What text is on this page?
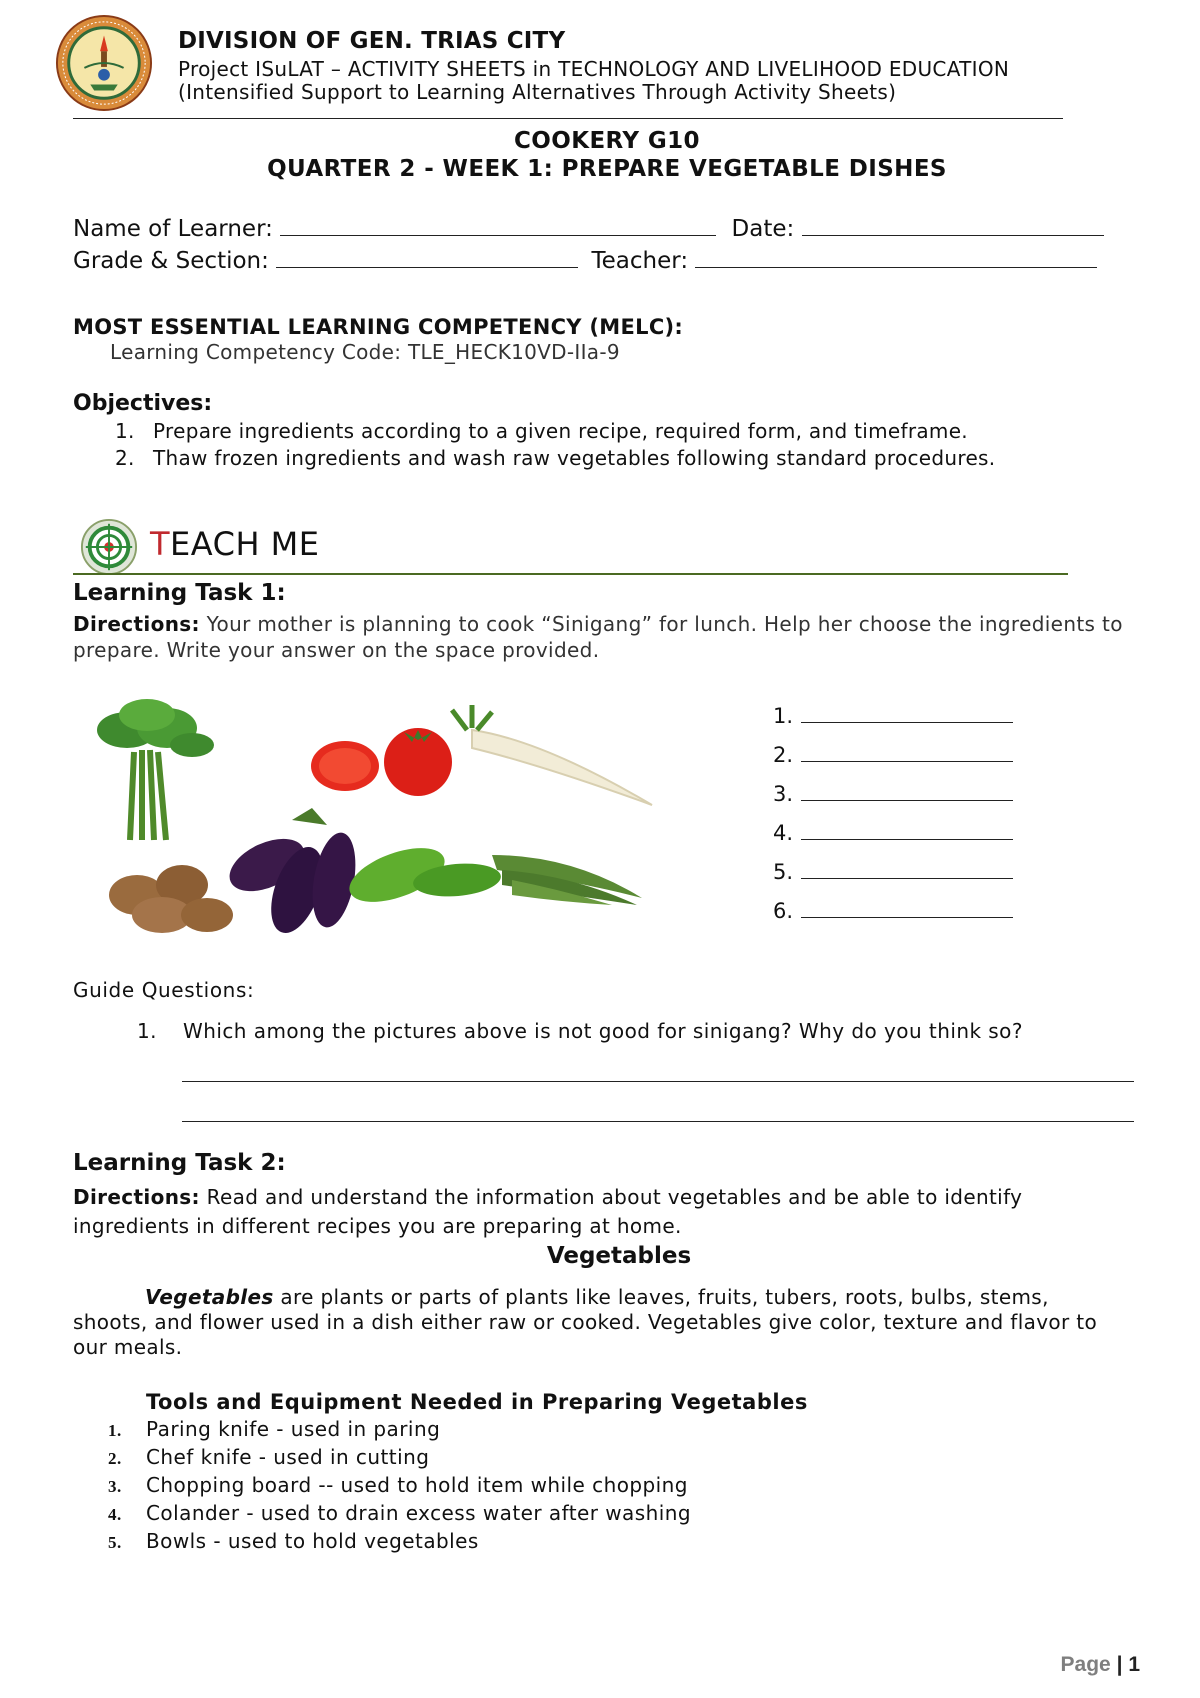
DIVISION OF GEN. TRIAS CITY
Project ISuLAT – ACTIVITY SHEETS in TECHNOLOGY AND LIVELIHOOD EDUCATION
(Intensified Support to Learning Alternatives Through Activity Sheets)
COOKERY G10
QUARTER 2 - WEEK 1: PREPARE VEGETABLE DISHES
Name of Learner:	Date:
Grade & Section:	Teacher:
MOST ESSENTIAL LEARNING COMPETENCY (MELC):
Learning Competency Code: TLE_HECK10VD-IIa-9
Objectives:
1. Prepare ingredients according to a given recipe, required form, and timeframe.
2. Thaw frozen ingredients and wash raw vegetables following standard procedures.
TEACH ME
Learning Task 1:
Directions: Your mother is planning to cook “Sinigang” for lunch. Help her choose the ingredients to prepare. Write your answer on the space provided.
1.
2.
3.
4.
5.
6.
Guide Questions:
1. Which among the pictures above is not good for sinigang? Why do you think so?
Learning Task 2:
Directions: Read and understand the information about vegetables and be able to identify ingredients in different recipes you are preparing at home.
Vegetables
Vegetables are plants or parts of plants like leaves, fruits, tubers, roots, bulbs, stems, shoots, and flower used in a dish either raw or cooked. Vegetables give color, texture and flavor to our meals.
Tools and Equipment Needed in Preparing Vegetables
1. Paring knife - used in paring
2. Chef knife - used in cutting
3. Chopping board -- used to hold item while chopping
4. Colander - used to drain excess water after washing
5. Bowls - used to hold vegetables
Page | 1
